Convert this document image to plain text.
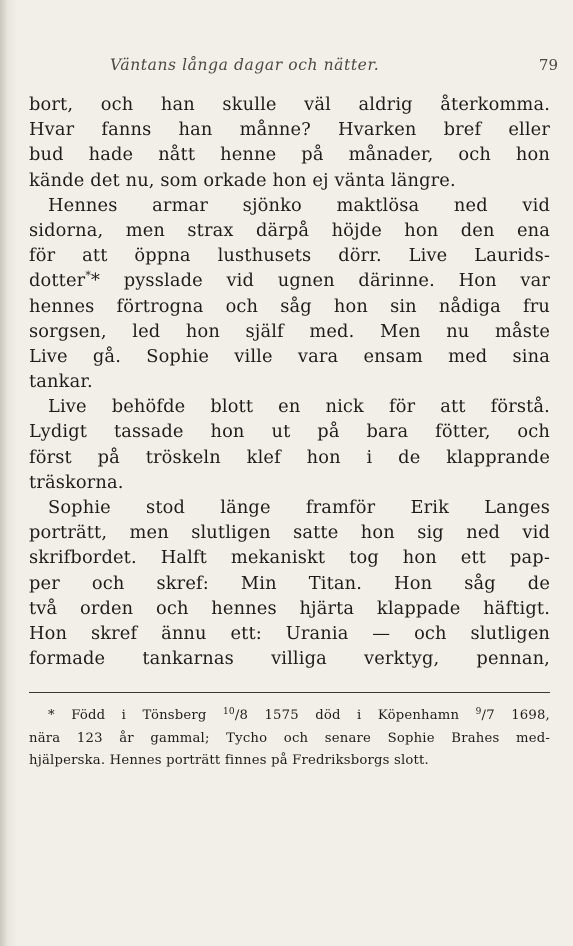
Väntans långa dagar och nätter.	79
bort, och han skulle väl aldrig återkomma.
Hvar fanns han månne? Hvarken bref eller
bud hade nått henne på månader, och hon
kände det nu, som orkade hon ej vänta längre.
Hennes armar sjönko maktlösa ned vid
sidorna, men strax därpå höjde hon den ena
för att öppna lusthusets dörr. Live Laurids-
dotter** pysslade vid ugnen därinne. Hon var
hennes förtrogna och såg hon sin nådiga fru
sorgsen, led hon själf med. Men nu måste
Live gå. Sophie ville vara ensam med sina
tankar.
Live behöfde blott en nick för att förstå.
Lydigt tassade hon ut på bara fötter, och
först på tröskeln klef hon i de klapprande
träskorna.
Sophie stod länge framför Erik Langes
porträtt, men slutligen satte hon sig ned vid
skrifbordet. Halft mekaniskt tog hon ett pap-
per och skref: Min Titan. Hon såg de
två orden och hennes hjärta klappade häftigt.
Hon skref ännu ett: Urania — och slutligen
formade tankarnas villiga verktyg, pennan,
* Född i Tönsberg $^{10}$/8 1575 död i Köpenhamn $^9$/7 1698,
nära 123 år gammal; Tycho och senare Sophie Brahes med-
hjälperska. Hennes porträtt finnes på Fredriksborgs slott.
